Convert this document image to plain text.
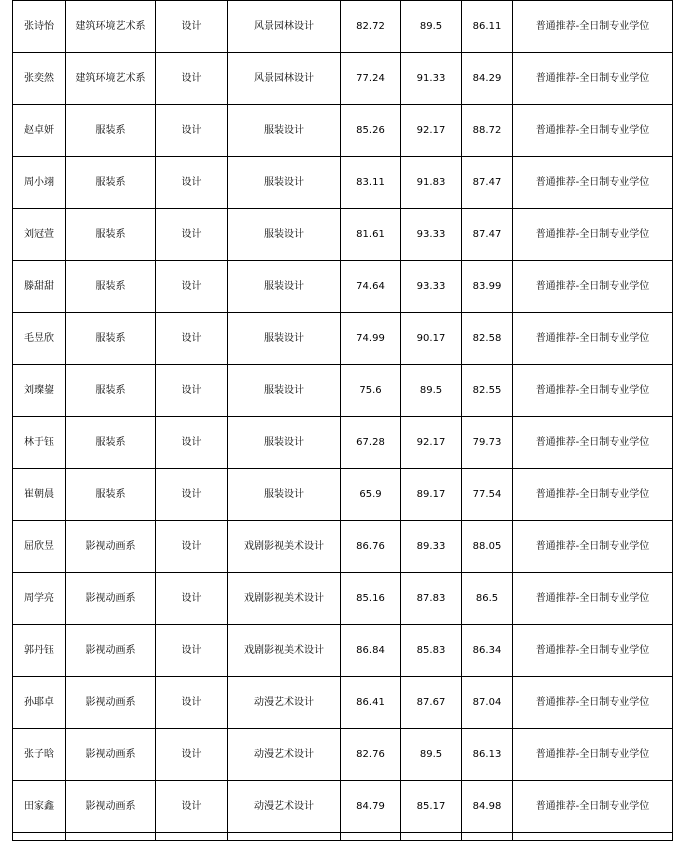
张诗怡	建筑环境艺术系	设计	风景园林设计	82.72	89.5	86.11	普通推荐-全日制专业学位
张奕然	建筑环境艺术系	设计	风景园林设计	77.24	91.33	84.29	普通推荐-全日制专业学位
赵卓妍	服装系	设计	服装设计	85.26	92.17	88.72	普通推荐-全日制专业学位
周小翊	服装系	设计	服装设计	83.11	91.83	87.47	普通推荐-全日制专业学位
刘冠萱	服装系	设计	服装设计	81.61	93.33	87.47	普通推荐-全日制专业学位
滕甜甜	服装系	设计	服装设计	74.64	93.33	83.99	普通推荐-全日制专业学位
毛昱欣	服装系	设计	服装设计	74.99	90.17	82.58	普通推荐-全日制专业学位
刘璨鋆	服装系	设计	服装设计	75.6	89.5	82.55	普通推荐-全日制专业学位
林于钰	服装系	设计	服装设计	67.28	92.17	79.73	普通推荐-全日制专业学位
崔朝晨	服装系	设计	服装设计	65.9	89.17	77.54	普通推荐-全日制专业学位
屈欣昱	影视动画系	设计	戏剧影视美术设计	86.76	89.33	88.05	普通推荐-全日制专业学位
周学亮	影视动画系	设计	戏剧影视美术设计	85.16	87.83	86.5	普通推荐-全日制专业学位
郭丹钰	影视动画系	设计	戏剧影视美术设计	86.84	85.83	86.34	普通推荐-全日制专业学位
孙耶卓	影视动画系	设计	动漫艺术设计	86.41	87.67	87.04	普通推荐-全日制专业学位
张子晗	影视动画系	设计	动漫艺术设计	82.76	89.5	86.13	普通推荐-全日制专业学位
田家鑫	影视动画系	设计	动漫艺术设计	84.79	85.17	84.98	普通推荐-全日制专业学位
